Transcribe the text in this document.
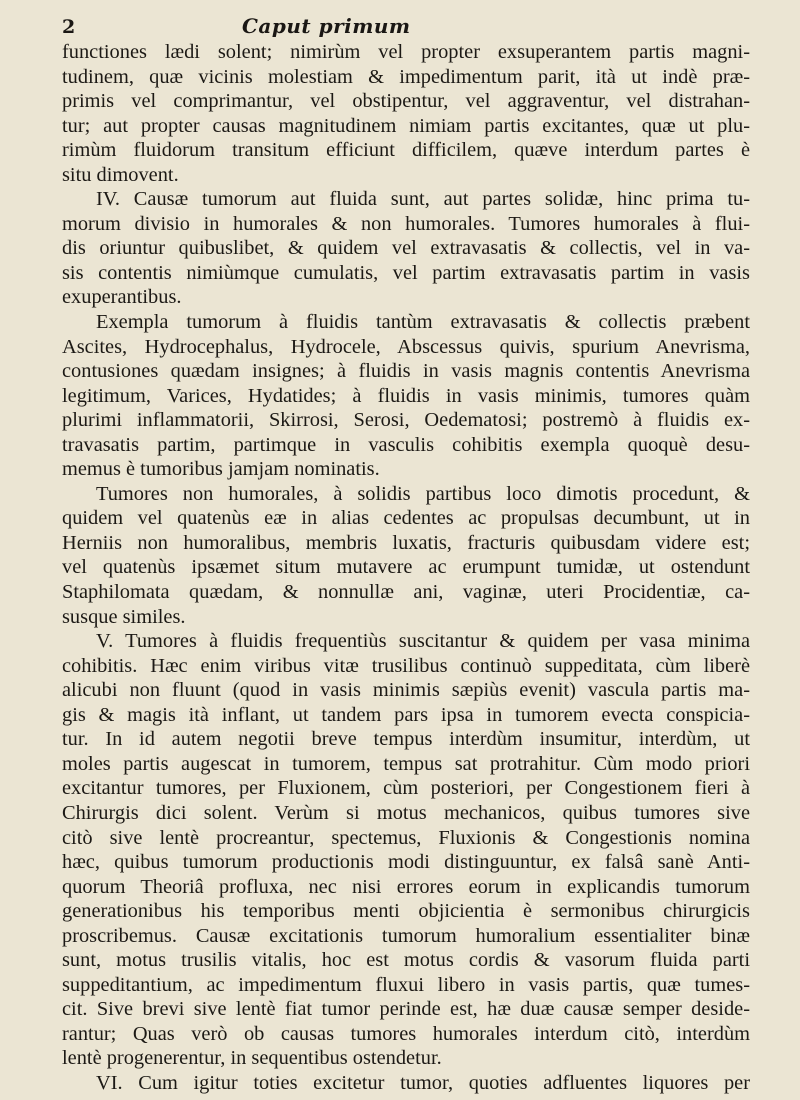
2	Caput primum
functiones lædi solent; nimirùm vel propter exsuperantem partis magni-
tudinem, quæ vicinis molestiam & impedimentum parit, ità ut indè præ-
primis vel comprimantur, vel obstipentur, vel aggraventur, vel distrahan-
tur; aut propter causas magnitudinem nimiam partis excitantes, quæ ut plu-
rimùm fluidorum transitum efficiunt difficilem, quæve interdum partes è
situ dimovent.
IV. Causæ tumorum aut fluida sunt, aut partes solidæ, hinc prima tu-
morum divisio in humorales & non humorales. Tumores humorales à flui-
dis oriuntur quibuslibet, & quidem vel extravasatis & collectis, vel in va-
sis contentis nimiùmque cumulatis, vel partim extravasatis partim in vasis
exuperantibus.
Exempla tumorum à fluidis tantùm extravasatis & collectis præbent
Ascites, Hydrocephalus, Hydrocele, Abscessus quivis, spurium Anevrisma,
contusiones quædam insignes; à fluidis in vasis magnis contentis Anevrisma
legitimum, Varices, Hydatides; à fluidis in vasis minimis, tumores quàm
plurimi inflammatorii, Skirrosi, Serosi, Oedematosi; postremò à fluidis ex-
travasatis partim, partimque in vasculis cohibitis exempla quoquè desu-
memus è tumoribus jamjam nominatis.
Tumores non humorales, à solidis partibus loco dimotis procedunt, &
quidem vel quatenùs eæ in alias cedentes ac propulsas decumbunt, ut in
Herniis non humoralibus, membris luxatis, fracturis quibusdam videre est;
vel quatenùs ipsæmet situm mutavere ac erumpunt tumidæ, ut ostendunt
Staphilomata quædam, & nonnullæ ani, vaginæ, uteri Procidentiæ, ca-
susque similes.
V. Tumores à fluidis frequentiùs suscitantur & quidem per vasa minima
cohibitis. Hæc enim viribus vitæ trusilibus continuò suppeditata, cùm liberè
alicubi non fluunt (quod in vasis minimis sæpiùs evenit) vascula partis ma-
gis & magis ità inflant, ut tandem pars ipsa in tumorem evecta conspicia-
tur. In id autem negotii breve tempus interdùm insumitur, interdùm, ut
moles partis augescat in tumorem, tempus sat protrahitur. Cùm modo priori
excitantur tumores, per Fluxionem, cùm posteriori, per Congestionem fieri à
Chirurgis dici solent. Verùm si motus mechanicos, quibus tumores sive
citò sive lentè procreantur, spectemus, Fluxionis & Congestionis nomina
hæc, quibus tumorum productionis modi distinguuntur, ex falsâ sanè Anti-
quorum Theoriâ profluxa, nec nisi errores eorum in explicandis tumorum
generationibus his temporibus menti objicientia è sermonibus chirurgicis
proscribemus. Causæ excitationis tumorum humoralium essentialiter binæ
sunt, motus trusilis vitalis, hoc est motus cordis & vasorum fluida parti
suppeditantium, ac impedimentum fluxui libero in vasis partis, quæ tumes-
cit. Sive brevi sive lentè fiat tumor perinde est, hæ duæ causæ semper deside-
rantur; Quas verò ob causas tumores humorales interdum citò, interdùm
lentè progenerentur, in sequentibus ostendetur.
VI. Cum igitur toties excitetur tumor, quoties adfluentes liquores per
